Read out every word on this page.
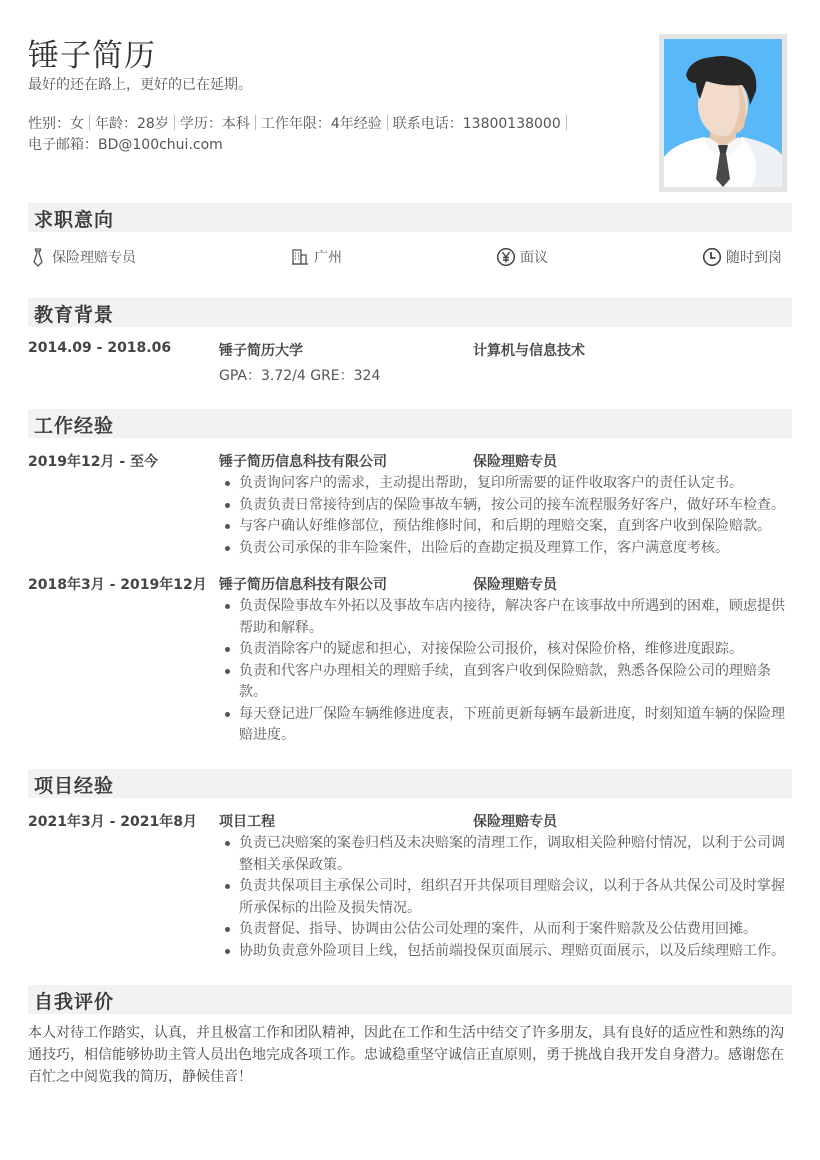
锤子简历
最好的还在路上，更好的已在延期。
性别：女 年龄：28岁 学历：本科 工作年限：4年经验 联系电话：13800138000
电子邮箱：BD@100chui.com
求职意向
保险理赔专员	广州	面议	随时到岗
教育背景
2014.09 - 2018.06	锤子简历大学	计算机与信息技术
GPA：3.72/4 GRE：324
工作经验
2019年12月 - 至今	锤子简历信息科技有限公司	保险理赔专员
负责询问客户的需求，主动提出帮助，复印所需要的证件收取客户的责任认定书。
负责负责日常接待到店的保险事故车辆，按公司的接车流程服务好客户，做好环车检查。
与客户确认好维修部位，预估维修时间，和后期的理赔交案，直到客户收到保险赔款。
负责公司承保的非车险案件，出险后的查勘定损及理算工作，客户满意度考核。
2018年3月 - 2019年12月 锤子简历信息科技有限公司	保险理赔专员
负责保险事故车外拓以及事故车店内接待，解决客户在该事故中所遇到的困难，顾虑提供帮助和解释。
负责消除客户的疑虑和担心，对接保险公司报价，核对保险价格，维修进度跟踪。
负责和代客户办理相关的理赔手续，直到客户收到保险赔款，熟悉各保险公司的理赔条款。
每天登记进厂保险车辆维修进度表，下班前更新每辆车最新进度，时刻知道车辆的保险理赔进度。
项目经验
2021年3月 - 2021年8月 项目工程	保险理赔专员
负责已决赔案的案卷归档及未决赔案的清理工作，调取相关险种赔付情况，以利于公司调整相关承保政策。
负责共保项目主承保公司时，组织召开共保项目理赔会议，以利于各从共保公司及时掌握所承保标的出险及损失情况。
负责督促、指导、协调由公估公司处理的案件，从而利于案件赔款及公估费用回摊。
协助负责意外险项目上线，包括前端投保页面展示、理赔页面展示，以及后续理赔工作。
自我评价
本人对待工作踏实，认真，并且极富工作和团队精神，因此在工作和生活中结交了许多朋友，具有良好的适应性和熟练的沟通技巧，相信能够协助主管人员出色地完成各项工作。忠诚稳重坚守诚信正直原则，勇于挑战自我开发自身潜力。感谢您在百忙之中阅览我的简历，静候佳音！
